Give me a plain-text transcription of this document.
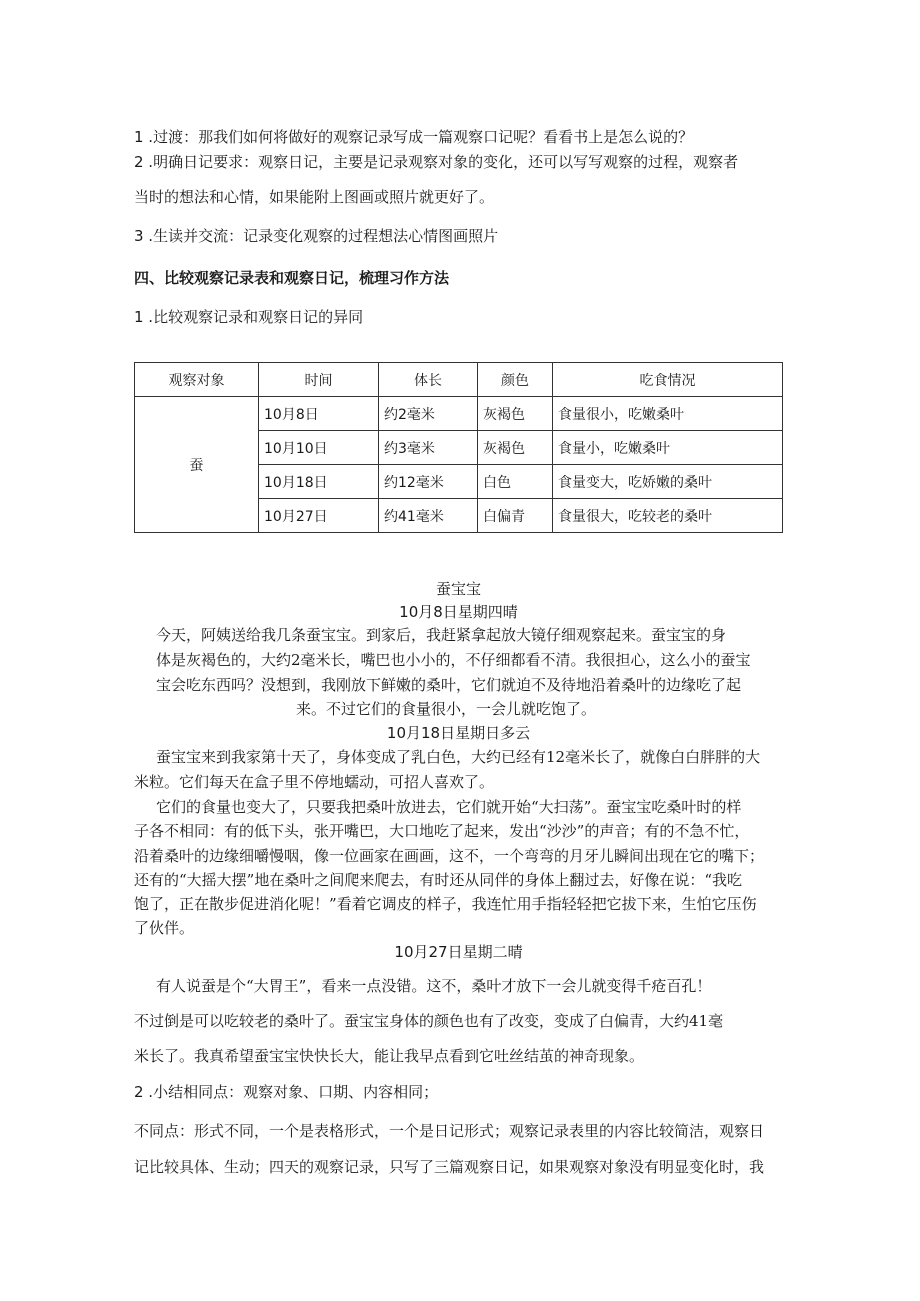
1 .过渡：那我们如何将做好的观察记录写成一篇观察口记呢？看看书上是怎么说的？
2 .明确日记要求：观察日记，主要是记录观察对象的变化，还可以写写观察的过程，观察者
当时的想法和心情，如果能附上图画或照片就更好了。
3 .生读并交流：记录变化观察的过程想法心情图画照片
四、比较观察记录表和观察日记，梳理习作方法
1 .比较观察记录和观察日记的异同
观察对象	时间	体长	颜色	吃食情况
蚕	10月8日	约2毫米	灰褐色	食量很小，吃嫩桑叶
	10月10日	约3毫米	灰褐色	食量小，吃嫩桑叶
	10月18日	约12毫米	白色	食量变大，吃娇嫩的桑叶
	10月27日	约41毫米	白偏青	食量很大，吃较老的桑叶
蚕宝宝
10月8日星期四晴
今天，阿姨送给我几条蚕宝宝。到家后，我赶紧拿起放大镜仔细观察起来。蚕宝宝的身
体是灰褐色的，大约2毫米长，嘴巴也小小的，不仔细都看不清。我很担心，这么小的蚕宝
宝会吃东西吗？没想到，我刚放下鲜嫩的桑叶，它们就迫不及待地沿着桑叶的边缘吃了起
来。不过它们的食量很小，一会儿就吃饱了。
10月18日星期日多云
蚕宝宝来到我家第十天了，身体变成了乳白色，大约已经有12毫米长了，就像白白胖胖的大
米粒。它们每天在盒子里不停地蠕动，可招人喜欢了。
它们的食量也变大了，只要我把桑叶放进去，它们就开始“大扫荡”。蚕宝宝吃桑叶时的样
子各不相同：有的低下头，张开嘴巴，大口地吃了起来，发出“沙沙”的声音；有的不急不忙，
沿着桑叶的边缘细嚼慢咽，像一位画家在画画，这不，一个弯弯的月牙儿瞬间出现在它的嘴下；
还有的“大摇大摆”地在桑叶之间爬来爬去，有时还从同伴的身体上翻过去，好像在说：“我吃
饱了，正在散步促进消化呢！”看着它调皮的样子，我连忙用手指轻轻把它拔下来，生怕它压伤
了伙伴。
10月27日星期二晴
有人说蚕是个“大胃王”，看来一点没错。这不，桑叶才放下一会儿就变得千疮百孔！
不过倒是可以吃较老的桑叶了。蚕宝宝身体的颜色也有了改变，变成了白偏青，大约41毫
米长了。我真希望蚕宝宝快快长大，能让我早点看到它吐丝结茧的神奇现象。
2 .小结相同点：观察对象、口期、内容相同；
不同点：形式不同，一个是表格形式，一个是日记形式；观察记录表里的内容比较简洁，观察日
记比较具体、生动；四天的观察记录，只写了三篇观察日记，如果观察对象没有明显变化时，我
